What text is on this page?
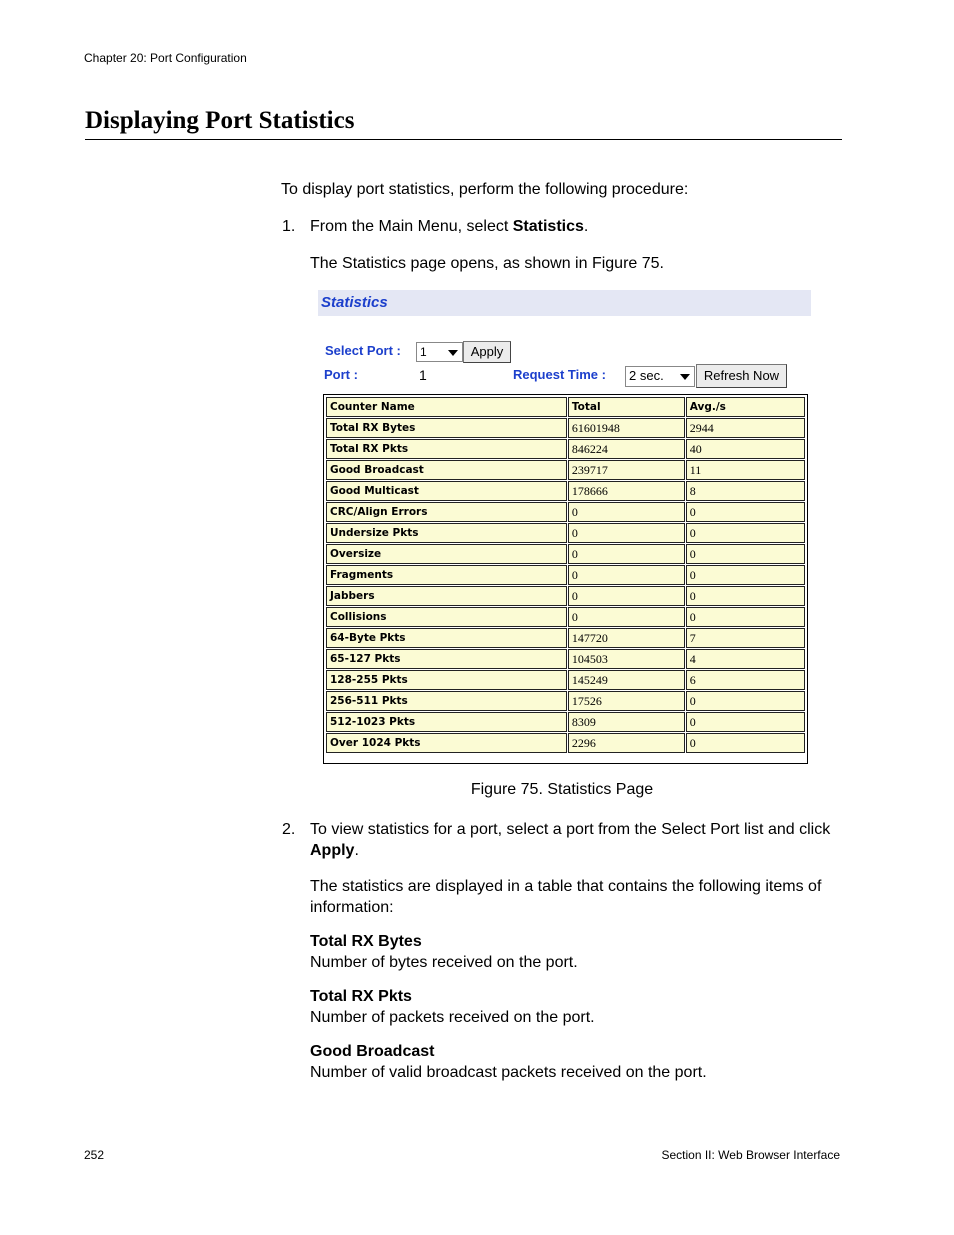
Chapter 20: Port Configuration
Displaying Port Statistics
To display port statistics, perform the following procedure:
1. From the Main Menu, select Statistics.
The Statistics page opens, as shown in Figure 75.
Statistics
Select Port :	1	Apply
Port :	1	Request Time :	2 sec.	Refresh Now
Counter Name	Total	Avg./s
Total RX Bytes	61601948	2944
Total RX Pkts	846224	40
Good Broadcast	239717	11
Good Multicast	178666	8
CRC/Align Errors	0	0
Undersize Pkts	0	0
Oversize	0	0
Fragments	0	0
Jabbers	0	0
Collisions	0	0
64-Byte Pkts	147720	7
65-127 Pkts	104503	4
128-255 Pkts	145249	6
256-511 Pkts	17526	0
512-1023 Pkts	8309	0
Over 1024 Pkts	2296	0
Figure 75. Statistics Page
2. To view statistics for a port, select a port from the Select Port list and click Apply.
The statistics are displayed in a table that contains the following items of information:
Total RX Bytes
Number of bytes received on the port.
Total RX Pkts
Number of packets received on the port.
Good Broadcast
Number of valid broadcast packets received on the port.
252	Section II: Web Browser Interface
